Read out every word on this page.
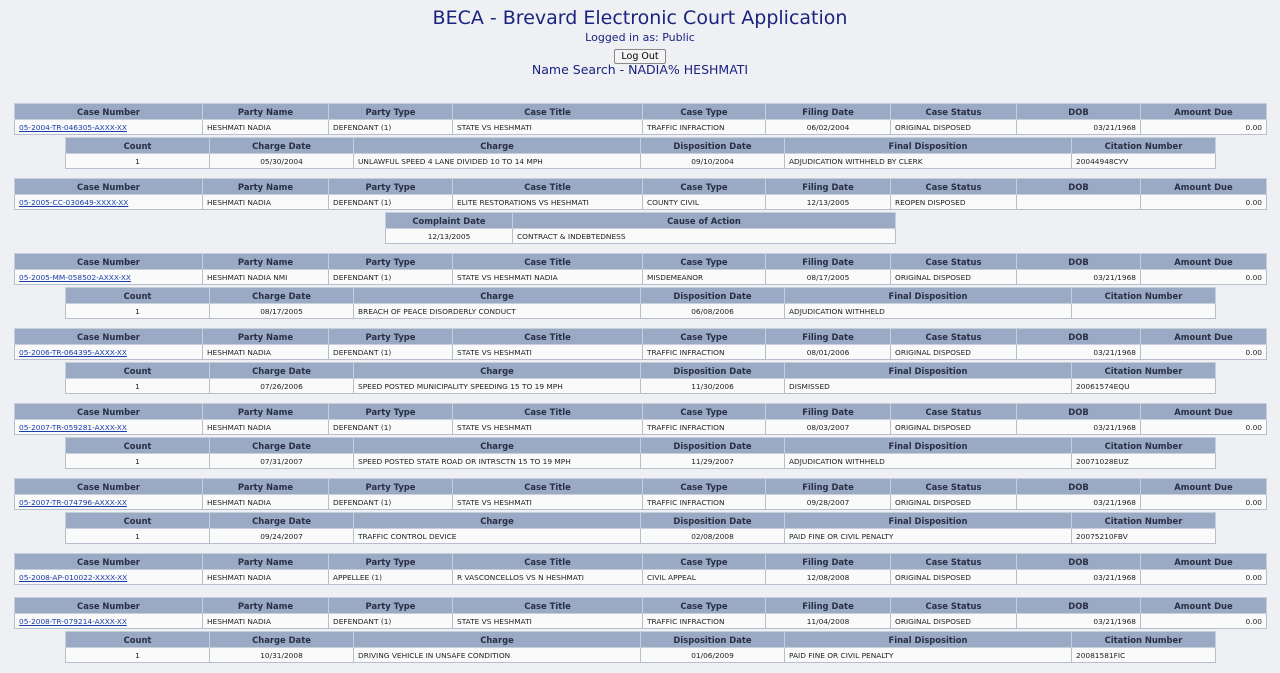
BECA - Brevard Electronic Court Application
Logged in as: Public
Log Out
Name Search - NADIA% HESHMATI
Case Number	Party Name	Party Type	Case Title	Case Type	Filing Date	Case Status	DOB	Amount Due
05-2004-TR-046305-AXXX-XX	HESHMATI NADIA	DEFENDANT (1)	STATE VS HESHMATI	TRAFFIC INFRACTION	06/02/2004	ORIGINAL DISPOSED	03/21/1968	0.00
Count	Charge Date	Charge	Disposition Date	Final Disposition	Citation Number
1	05/30/2004	UNLAWFUL SPEED 4 LANE DIVIDED 10 TO 14 MPH	09/10/2004	ADJUDICATION WITHHELD BY CLERK	20044948CYV
Case Number	Party Name	Party Type	Case Title	Case Type	Filing Date	Case Status	DOB	Amount Due
05-2005-CC-030649-XXXX-XX	HESHMATI NADIA	DEFENDANT (1)	ELITE RESTORATIONS VS HESHMATI	COUNTY CIVIL	12/13/2005	REOPEN DISPOSED		0.00
Complaint Date	Cause of Action
12/13/2005	CONTRACT & INDEBTEDNESS
Case Number	Party Name	Party Type	Case Title	Case Type	Filing Date	Case Status	DOB	Amount Due
05-2005-MM-058502-AXXX-XX	HESHMATI NADIA NMI	DEFENDANT (1)	STATE VS HESHMATI NADIA	MISDEMEANOR	08/17/2005	ORIGINAL DISPOSED	03/21/1968	0.00
Count	Charge Date	Charge	Disposition Date	Final Disposition	Citation Number
1	08/17/2005	BREACH OF PEACE DISORDERLY CONDUCT	06/08/2006	ADJUDICATION WITHHELD	
Case Number	Party Name	Party Type	Case Title	Case Type	Filing Date	Case Status	DOB	Amount Due
05-2006-TR-064395-AXXX-XX	HESHMATI NADIA	DEFENDANT (1)	STATE VS HESHMATI	TRAFFIC INFRACTION	08/01/2006	ORIGINAL DISPOSED	03/21/1968	0.00
Count	Charge Date	Charge	Disposition Date	Final Disposition	Citation Number
1	07/26/2006	SPEED POSTED MUNICIPALITY SPEEDING 15 TO 19 MPH	11/30/2006	DISMISSED	20061574EQU
Case Number	Party Name	Party Type	Case Title	Case Type	Filing Date	Case Status	DOB	Amount Due
05-2007-TR-059281-AXXX-XX	HESHMATI NADIA	DEFENDANT (1)	STATE VS HESHMATI	TRAFFIC INFRACTION	08/03/2007	ORIGINAL DISPOSED	03/21/1968	0.00
Count	Charge Date	Charge	Disposition Date	Final Disposition	Citation Number
1	07/31/2007	SPEED POSTED STATE ROAD OR INTRSCTN 15 TO 19 MPH	11/29/2007	ADJUDICATION WITHHELD	20071028EUZ
Case Number	Party Name	Party Type	Case Title	Case Type	Filing Date	Case Status	DOB	Amount Due
05-2007-TR-074796-AXXX-XX	HESHMATI NADIA	DEFENDANT (1)	STATE VS HESHMATI	TRAFFIC INFRACTION	09/28/2007	ORIGINAL DISPOSED	03/21/1968	0.00
Count	Charge Date	Charge	Disposition Date	Final Disposition	Citation Number
1	09/24/2007	TRAFFIC CONTROL DEVICE	02/08/2008	PAID FINE OR CIVIL PENALTY	20075210FBV
Case Number	Party Name	Party Type	Case Title	Case Type	Filing Date	Case Status	DOB	Amount Due
05-2008-AP-010022-XXXX-XX	HESHMATI NADIA	APPELLEE (1)	R VASCONCELLOS VS N HESHMATI	CIVIL APPEAL	12/08/2008	ORIGINAL DISPOSED	03/21/1968	0.00
Case Number	Party Name	Party Type	Case Title	Case Type	Filing Date	Case Status	DOB	Amount Due
05-2008-TR-079214-AXXX-XX	HESHMATI NADIA	DEFENDANT (1)	STATE VS HESHMATI	TRAFFIC INFRACTION	11/04/2008	ORIGINAL DISPOSED	03/21/1968	0.00
Count	Charge Date	Charge	Disposition Date	Final Disposition	Citation Number
1	10/31/2008	DRIVING VEHICLE IN UNSAFE CONDITION	01/06/2009	PAID FINE OR CIVIL PENALTY	20081581FIC
